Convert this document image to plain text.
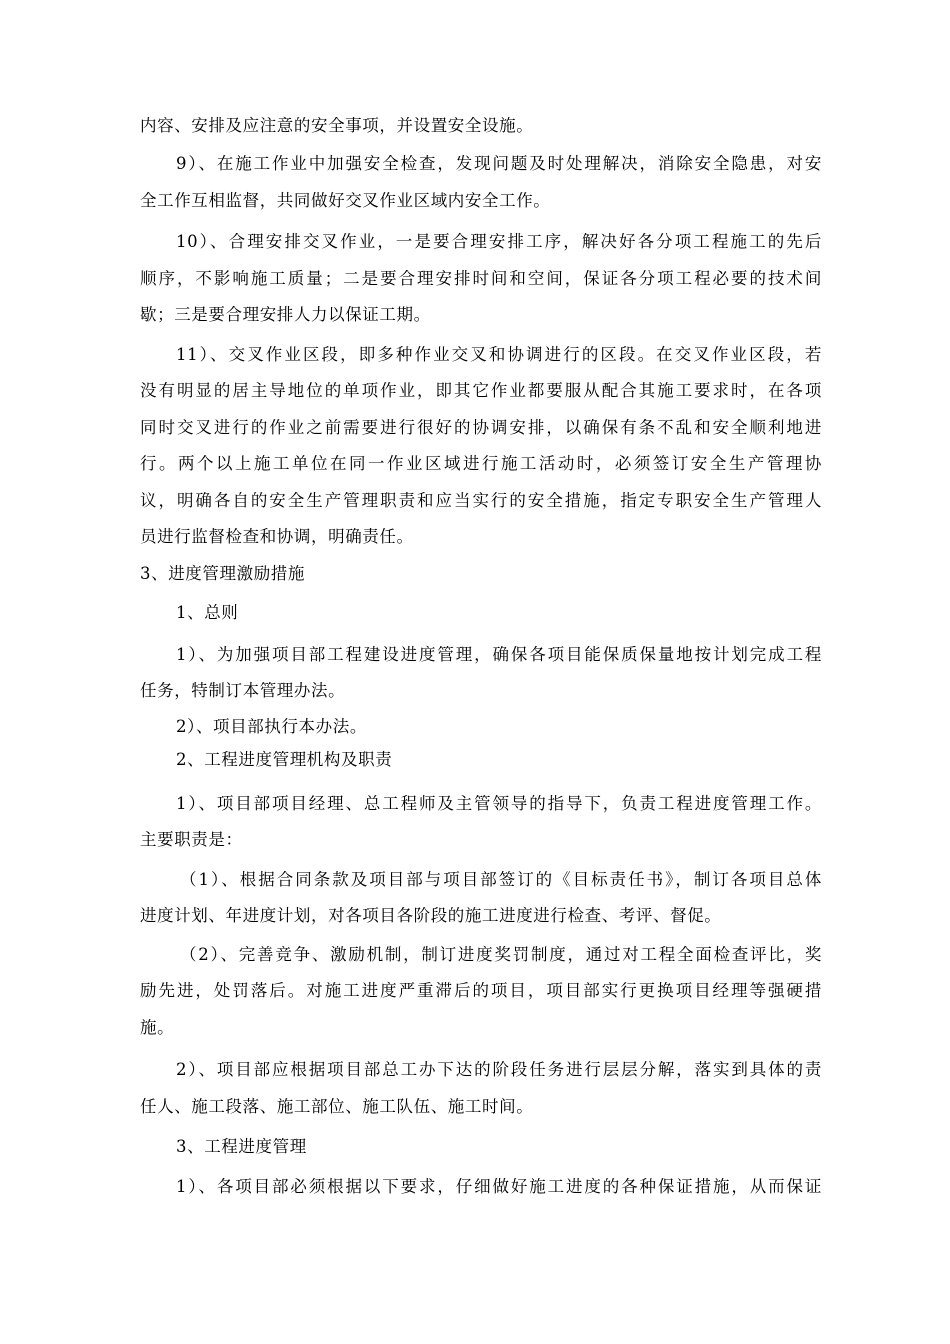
内容、安排及应注意的安全事项，并设置安全设施。
9）、在施工作业中加强安全检查，发现问题及时处理解决，消除安全隐患，对安
全工作互相监督，共同做好交叉作业区域内安全工作。
10）、合理安排交叉作业，一是要合理安排工序，解决好各分项工程施工的先后
顺序，不影响施工质量；二是要合理安排时间和空间，保证各分项工程必要的技术间
歇；三是要合理安排人力以保证工期。
11）、交叉作业区段，即多种作业交叉和协调进行的区段。在交叉作业区段，若
没有明显的居主导地位的单项作业，即其它作业都要服从配合其施工要求时，在各项
同时交叉进行的作业之前需要进行很好的协调安排，以确保有条不乱和安全顺利地进
行。两个以上施工单位在同一作业区域进行施工活动时，必须签订安全生产管理协
议，明确各自的安全生产管理职责和应当实行的安全措施，指定专职安全生产管理人
员进行监督检查和协调，明确责任。
3、进度管理激励措施
1、总则
1）、为加强项目部工程建设进度管理，确保各项目能保质保量地按计划完成工程
任务，特制订本管理办法。
2）、项目部执行本办法。
2、工程进度管理机构及职责
1）、项目部项目经理、总工程师及主管领导的指导下，负责工程进度管理工作。
主要职责是：
（1）、根据合同条款及项目部与项目部签订的《目标责任书》，制订各项目总体
进度计划、年进度计划，对各项目各阶段的施工进度进行检查、考评、督促。
（2）、完善竞争、激励机制，制订进度奖罚制度，通过对工程全面检查评比，奖
励先进，处罚落后。对施工进度严重滞后的项目，项目部实行更换项目经理等强硬措
施。
2）、项目部应根据项目部总工办下达的阶段任务进行层层分解，落实到具体的责
任人、施工段落、施工部位、施工队伍、施工时间。
3、工程进度管理
1）、各项目部必须根据以下要求，仔细做好施工进度的各种保证措施，从而保证
